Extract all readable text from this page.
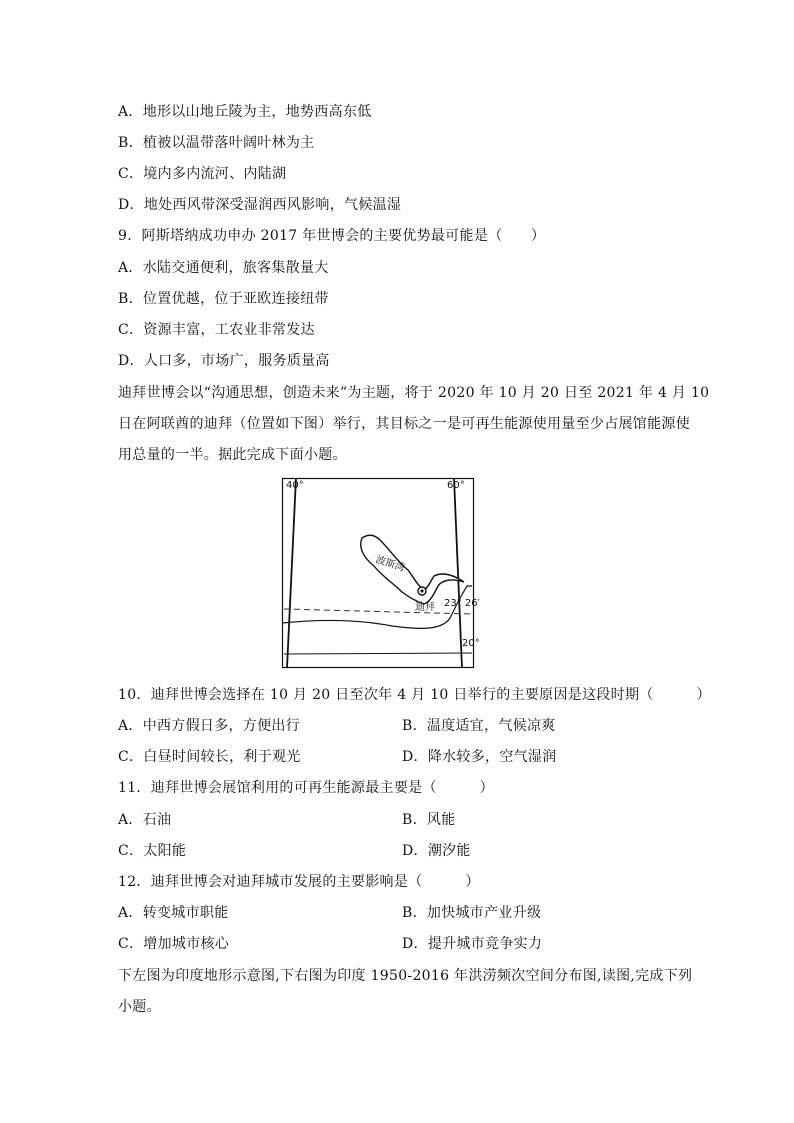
A．地形以山地丘陵为主，地势西高东低
B．植被以温带落叶阔叶林为主
C．境内多内流河、内陆湖
D．地处西风带深受湿润西风影响，气候温湿
9．阿斯塔纳成功申办 2017 年世博会的主要优势最可能是（　　）
A．水陆交通便利，旅客集散量大
B．位置优越，位于亚欧连接纽带
C．资源丰富，工农业非常发达
D．人口多，市场广，服务质量高
迪拜世博会以“沟通思想，创造未来”为主题，将于 2020 年 10 月 20 日至 2021 年 4 月 10
日在阿联酋的迪拜（位置如下图）举行，其目标之一是可再生能源使用量至少占展馆能源使
用总量的一半。据此完成下面小题。
40°	60°
波斯湾
迪拜 23° 26′
20°
10．迪拜世博会选择在 10 月 20 日至次年 4 月 10 日举行的主要原因是这段时期（　　　）
A．中西方假日多，方便出行	B．温度适宜，气候凉爽
C．白昼时间较长，利于观光	D．降水较多，空气湿润
11．迪拜世博会展馆利用的可再生能源最主要是（　　　）
A．石油	B．风能
C．太阳能	D．潮汐能
12．迪拜世博会对迪拜城市发展的主要影响是（　　　）
A．转变城市职能	B．加快城市产业升级
C．增加城市核心	D．提升城市竞争实力
下左图为印度地形示意图,下右图为印度 1950-2016 年洪涝频次空间分布图,读图,完成下列
小题。
